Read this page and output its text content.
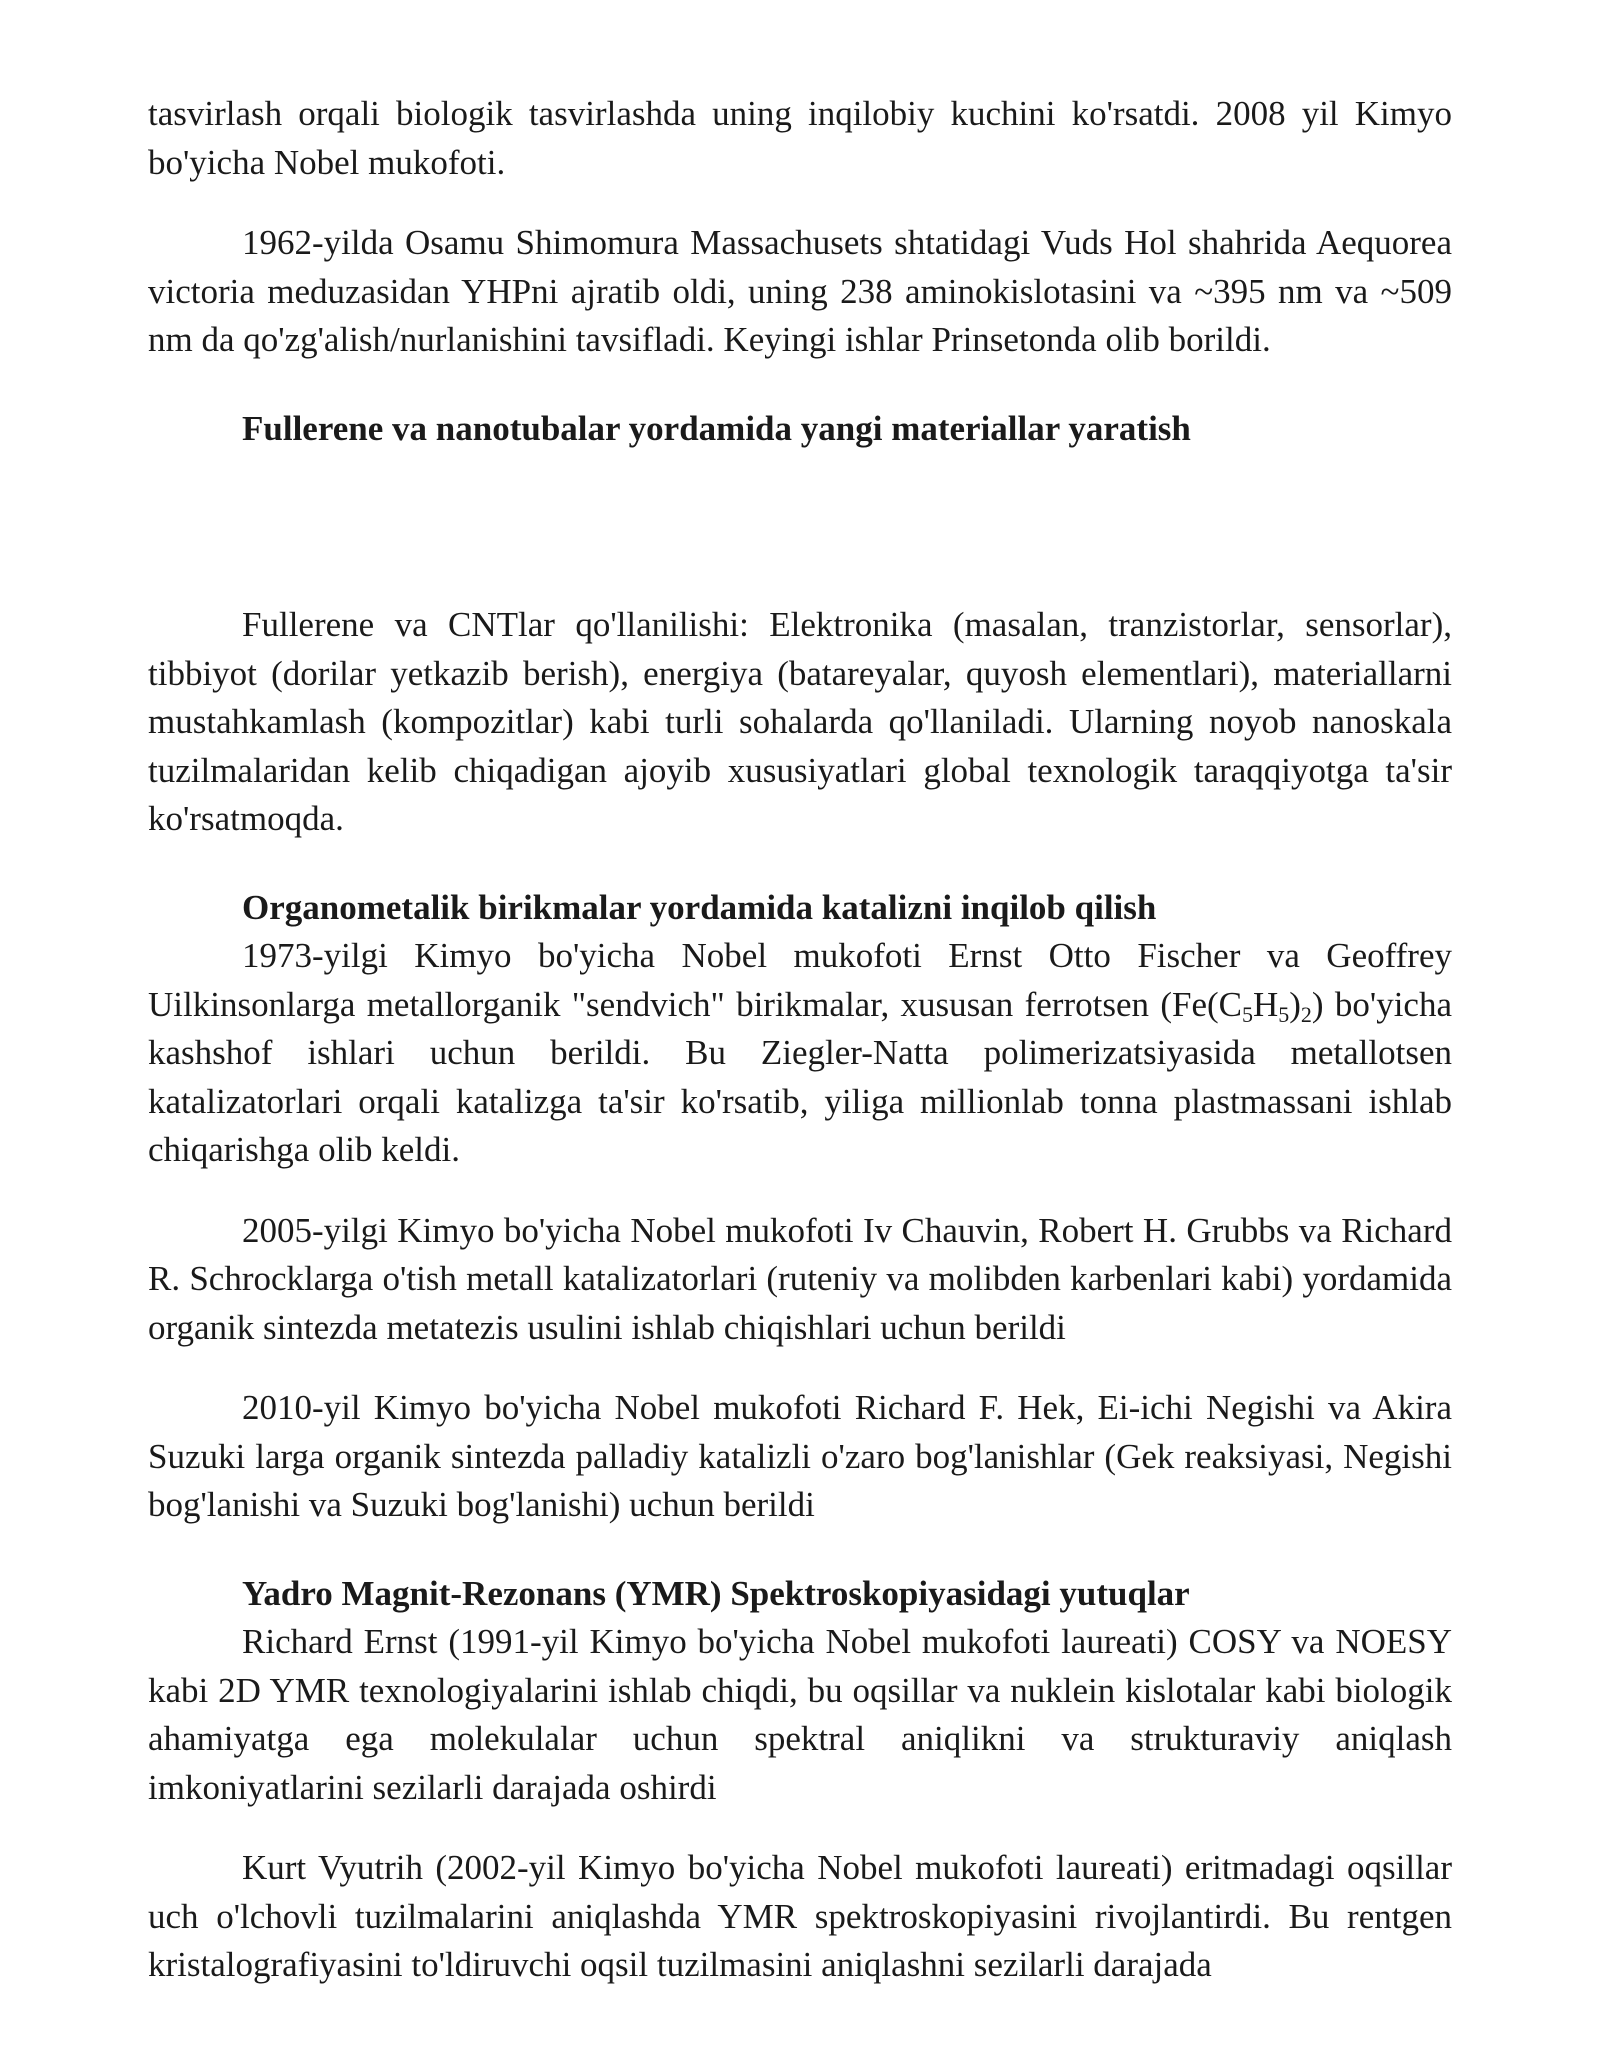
tasvirlash orqali biologik tasvirlashda uning inqilobiy kuchini ko'rsatdi. 2008 yil Kimyo bo'yicha Nobel mukofoti.

1962-yilda Osamu Shimomura Massachusets shtatidagi Vuds Hol shahrida Aequorea victoria meduzasidan YHPni ajratib oldi, uning 238 aminokislotasini va ~395 nm va ~509 nm da qo'zg'alish/nurlanishini tavsifladi. Keyingi ishlar Prinsetonda olib borildi.

Fullerene va nanotubalar yordamida yangi materiallar yaratish

Fullerene va CNTlar qo'llanilishi: Elektronika (masalan, tranzistorlar, sensorlar), tibbiyot (dorilar yetkazib berish), energiya (batareyalar, quyosh elementlari), materiallarni mustahkamlash (kompozitlar) kabi turli sohalarda qo'llaniladi. Ularning noyob nanoskala tuzilmalaridan kelib chiqadigan ajoyib xususiyatlari global texnologik taraqqiyotga ta'sir ko'rsatmoqda.

Organometalik birikmalar yordamida katalizni inqilob qilish

1973-yilgi Kimyo bo'yicha Nobel mukofoti Ernst Otto Fischer va Geoffrey Uilkinsonlarga metallorganik "sendvich" birikmalar, xususan ferrotsen $(Fe(C_5H_5)_2)$ bo'yicha kashshof ishlari uchun berildi. Bu Ziegler-Natta polimerizatsiyasida metallotsen katalizatorlari orqali katalizga ta'sir ko'rsatib, yiliga millionlab tonna plastmassani ishlab chiqarishga olib keldi.

2005-yilgi Kimyo bo'yicha Nobel mukofoti Iv Chauvin, Robert H. Grubbs va Richard R. Schrocklarga o'tish metall katalizatorlari (ruteniy va molibden karbenlari kabi) yordamida organik sintezda metatezis usulini ishlab chiqishlari uchun berildi

2010-yil Kimyo bo'yicha Nobel mukofoti Richard F. Hek, Ei-ichi Negishi va Akira Suzuki larga organik sintezda palladiy katalizli o'zaro bog'lanishlar (Gek reaksiyasi, Negishi bog'lanishi va Suzuki bog'lanishi) uchun berildi

Yadro Magnit-Rezonans (YMR) Spektroskopiyasidagi yutuqlar

Richard Ernst (1991-yil Kimyo bo'yicha Nobel mukofoti laureati) COSY va NOESY kabi 2D YMR texnologiyalarini ishlab chiqdi, bu oqsillar va nuklein kislotalar kabi biologik ahamiyatga ega molekulalar uchun spektral aniqlikni va strukturaviy aniqlash imkoniyatlarini sezilarli darajada oshirdi

Kurt Vyutrih (2002-yil Kimyo bo'yicha Nobel mukofoti laureati) eritmadagi oqsillar uch o'lchovli tuzilmalarini aniqlashda YMR spektroskopiyasini rivojlantirdi. Bu rentgen kristalografiyasini to'ldiruvchi oqsil tuzilmasini aniqlashni sezilarli darajada
